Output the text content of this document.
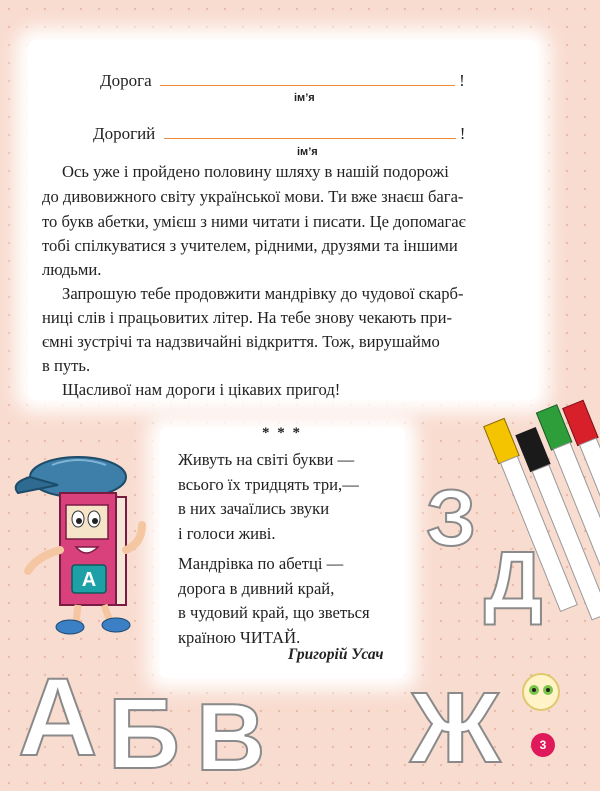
Дорога	!
ім’я
Дорогий	!
ім’я
Ось уже і пройдено половину шляху в нашій подорожі
до дивовижного світу української мови. Ти вже знаєш бага-
то букв абетки, умієш з ними читати і писати. Це допомагає
тобі спілкуватися з учителем, рідними, друзями та іншими
людьми.
Запрошую тебе продовжити мандрівку до чудової скарб-
ниці слів і працьовитих літер. На тебе знову чекають при-
ємні зустрічі та надзвичайні відкриття. Тож, вирушаймо
в путь.
Щасливої нам дороги і цікавих пригод!
* * *
Живуть на світі букви —
всього їх тридцять три,—
в них зачаїлись звуки
і голоси живі.
Мандрівка по абетці —
дорога в дивний край,
в чудовий край, що зветься
країною ЧИТАЙ.
Григорій Усач
А
А Б В Ж
З
Д
3
